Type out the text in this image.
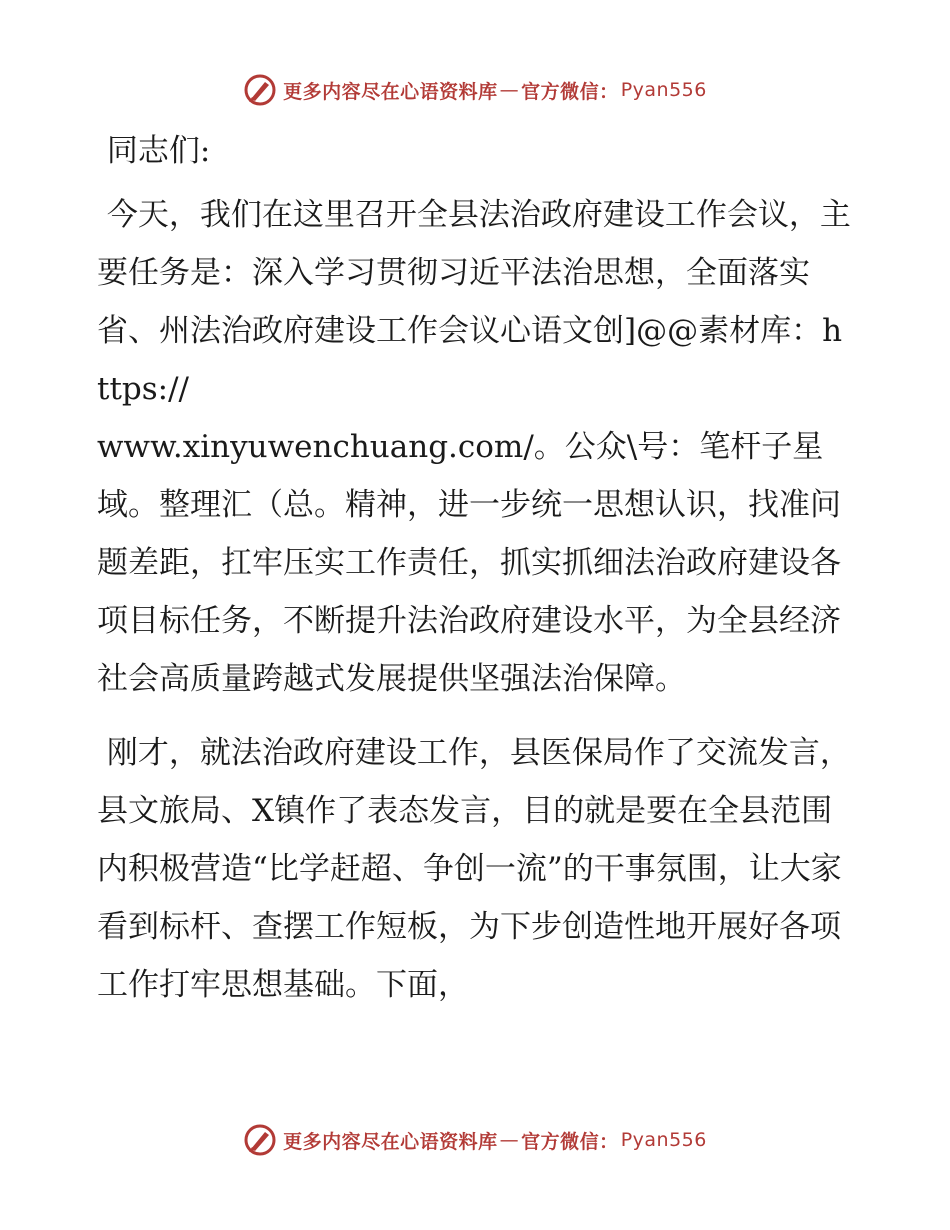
更多内容尽在心语资料库 — 官方微信： Pyan556

同志们:

今天，我们在这里召开全县法治政府建设工作会议，主要任务是：深入学习贯彻习近平法治思想，全面落实省、州法治政府建设工作会议心语文创]@@素材库：https://
www.xinyuwenchuang.com/。公众\号：笔杆子星域。整理汇（总。精神，进一步统一思想认识，找准问题差距，扛牢压实工作责任，抓实抓细法治政府建设各项目标任务，不断提升法治政府建设水平，为全县经济社会高质量跨越式发展提供坚强法治保障。

刚才，就法治政府建设工作，县医保局作了交流发言，县文旅局、X镇作了表态发言，目的就是要在全县范围内积极营造“比学赶超、争创一流”的干事氛围，让大家看到标杆、查摆工作短板，为下步创造性地开展好各项工作打牢思想基础。下面，

更多内容尽在心语资料库 — 官方微信： Pyan556
